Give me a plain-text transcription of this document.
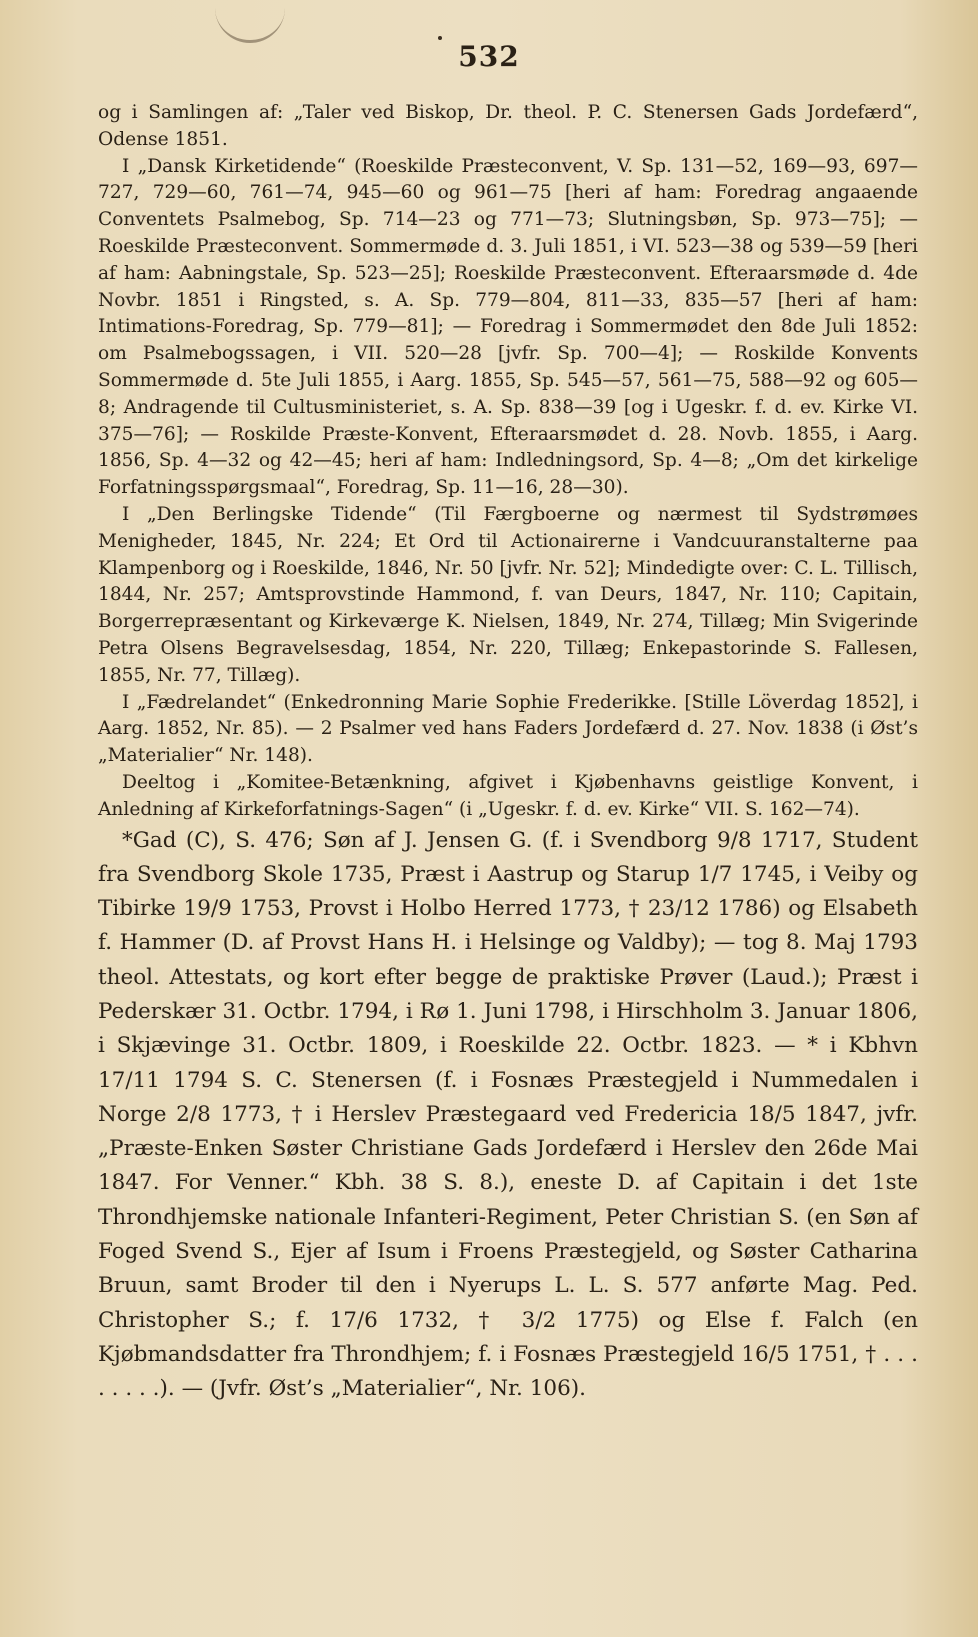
532

og i Samlingen af: „Taler ved Biskop, Dr. theol. P. C. Stenersen Gads Jordefærd“, Odense 1851.

I „Dansk Kirketidende“ (Roeskilde Præsteconvent, V. Sp. 131—52, 169—93, 697—727, 729—60, 761—74, 945—60 og 961—75 [heri af ham: Foredrag angaaende Conventets Psalmebog, Sp. 714—23 og 771—73; Slutningsbøn, Sp. 973—75]; — Roeskilde Præsteconvent. Sommermøde d. 3. Juli 1851, i VI. 523—38 og 539—59 [heri af ham: Aabningstale, Sp. 523—25]; Roeskilde Præsteconvent. Efteraarsmøde d. 4de Novbr. 1851 i Ringsted, s. A. Sp. 779—804, 811—33, 835—57 [heri af ham: Intimations-Foredrag, Sp. 779—81]; — Foredrag i Sommermødet den 8de Juli 1852: om Psalmebogssagen, i VII. 520—28 [jvfr. Sp. 700—4]; — Roskilde Konvents Sommermøde d. 5te Juli 1855, i Aarg. 1855, Sp. 545—57, 561—75, 588—92 og 605—8; Andragende til Cultusministeriet, s. A. Sp. 838—39 [og i Ugeskr. f. d. ev. Kirke VI. 375—76]; — Roskilde Præste-Konvent, Efteraarsmødet d. 28. Novb. 1855, i Aarg. 1856, Sp. 4—32 og 42—45; heri af ham: Indledningsord, Sp. 4—8; „Om det kirkelige Forfatningsspørgsmaal“, Foredrag, Sp. 11—16, 28—30).

I „Den Berlingske Tidende“ (Til Færgboerne og nærmest til Sydstrømøes Menigheder, 1845, Nr. 224; Et Ord til Actionairerne i Vandcuuranstalterne paa Klampenborg og i Roeskilde, 1846, Nr. 50 [jvfr. Nr. 52]; Mindedigte over: C. L. Tillisch, 1844, Nr. 257; Amtsprovstinde Hammond, f. van Deurs, 1847, Nr. 110; Capitain, Borgerrepræsentant og Kirkeværge K. Nielsen, 1849, Nr. 274, Tillæg; Min Svigerinde Petra Olsens Begravelsesdag, 1854, Nr. 220, Tillæg; Enkepastorinde S. Fallesen, 1855, Nr. 77, Tillæg).

I „Fædrelandet“ (Enkedronning Marie Sophie Frederikke. [Stille Löverdag 1852], i Aarg. 1852, Nr. 85). — 2 Psalmer ved hans Faders Jordefærd d. 27. Nov. 1838 (i Øst’s „Materialier“ Nr. 148).

Deeltog i „Komitee-Betænkning, afgivet i Kjøbenhavns geistlige Konvent, i Anledning af Kirkeforfatnings-Sagen“ (i „Ugeskr. f. d. ev. Kirke“ VII. S. 162—74).

*Gad (C), S. 476; Søn af J. Jensen G. (f. i Svendborg 9/8 1717, Student fra Svendborg Skole 1735, Præst i Aastrup og Starup 1/7 1745, i Veiby og Tibirke 19/9 1753, Provst i Holbo Herred 1773, † 23/12 1786) og Elsabeth f. Hammer (D. af Provst Hans H. i Helsinge og Valdby); — tog 8. Maj 1793 theol. Attestats, og kort efter begge de praktiske Prøver (Laud.); Præst i Pederskær 31. Octbr. 1794, i Rø 1. Juni 1798, i Hirschholm 3. Januar 1806, i Skjævinge 31. Octbr. 1809, i Roeskilde 22. Octbr. 1823. — * i Kbhvn 17/11 1794 S. C. Stenersen (f. i Fosnæs Præstegjeld i Nummedalen i Norge 2/8 1773, † i Herslev Præstegaard ved Fredericia 18/5 1847, jvfr. „Præste-Enken Søster Christiane Gads Jordefærd i Herslev den 26de Mai 1847. For Venner.“ Kbh. 38 S. 8.), eneste D. af Capitain i det 1ste Throndhjemske nationale Infanteri-Regiment, Peter Christian S. (en Søn af Foged Svend S., Ejer af Isum i Froens Præstegjeld, og Søster Catharina Bruun, samt Broder til den i Nyerups L. L. S. 577 anførte Mag. Ped. Christopher S.; f. 17/6 1732, † 3/2 1775) og Else f. Falch (en Kjøbmandsdatter fra Throndhjem; f. i Fosnæs Præstegjeld 16/5 1751, † . . . . . . . .). — (Jvfr. Øst’s „Materialier“, Nr. 106).
